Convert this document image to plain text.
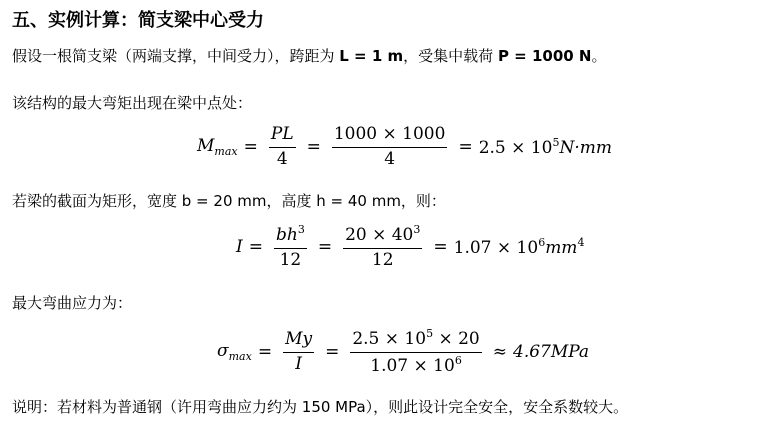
五、实例计算：简支梁中心受力
假设一根简支梁（两端支撑，中间受力），跨距为 L = 1 m，受集中载荷 P = 1000 N。
该结构的最大弯矩出现在梁中点处：
$M_{max} = \frac{PL}{4} = \frac{1000 \times 1000}{4} = 2.5 \times 10^5N\cdot mm$
若梁的截面为矩形，宽度 b = 20 mm，高度 h = 40 mm，则：
$I = \frac{bh^3}{12} = \frac{20 \times 40^3}{12} = 1.07 \times 10^6mm^4$
最大弯曲应力为：
$\sigma_{max} = \frac{My}{I} = \frac{2.5 \times 10^5 \times 20}{1.07 \times 10^6} \approx 4.67MPa$
说明：若材料为普通钢（许用弯曲应力约为 150 MPa），则此设计完全安全，安全系数较大。
